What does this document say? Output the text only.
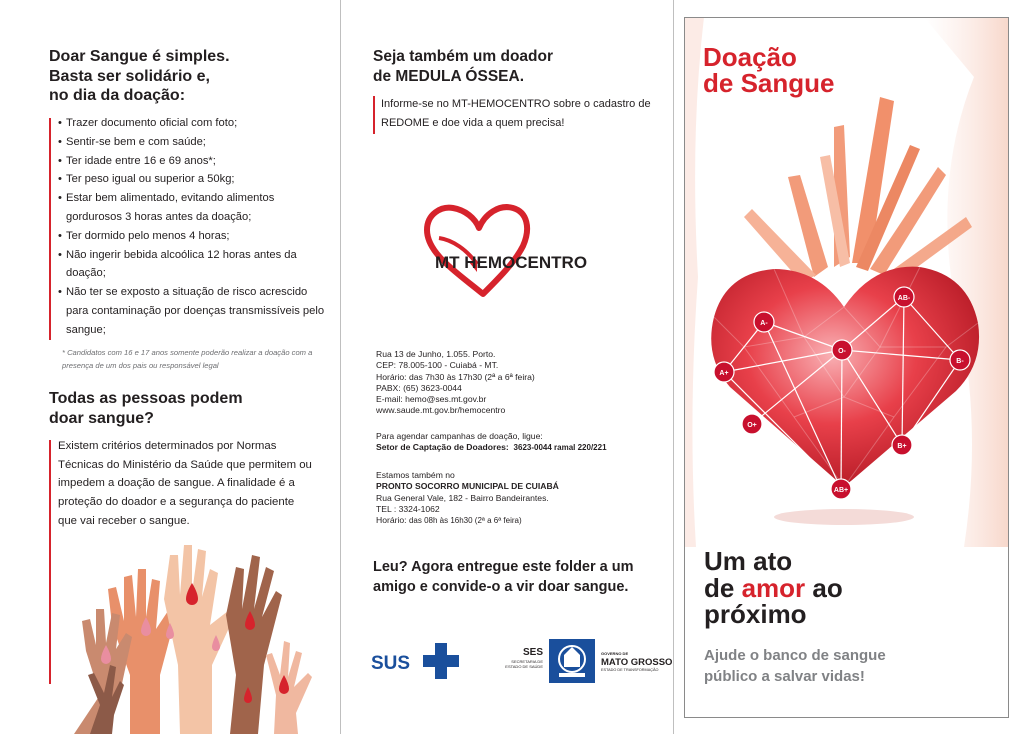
Doar Sangue é simples.
Basta ser solidário e,
no dia da doação:
• Trazer documento oficial com foto;
• Sentir-se bem e com saúde;
• Ter idade entre 16 e 69 anos*;
• Ter peso igual ou superior a 50kg;
• Estar bem alimentado, evitando alimentos gordurosos 3 horas antes da doação;
• Ter dormido pelo menos 4 horas;
• Não ingerir bebida alcoólica 12 horas antes da doação;
• Não ter se exposto a situação de risco acrescido para contaminação por doenças transmissíveis pelo sangue;
* Candidatos com 16 e 17 anos somente poderão realizar a doação com a presença de um dos pais ou responsável legal
Todas as pessoas podem
doar sangue?
Existem critérios determinados por Normas Técnicas do Ministério da Saúde que permitem ou impedem a doação de sangue. A finalidade é a proteção do doador e a segurança do paciente que vai receber o sangue.
Seja também um doador
de MEDULA ÓSSEA.
Informe-se no MT-HEMOCENTRO sobre o cadastro de REDOME e doe vida a quem precisa!
MT HEMOCENTRO
Rua 13 de Junho, 1.055. Porto.
CEP: 78.005-100 - Cuiabá - MT.
Horário: das 7h30 às 17h30 (2ª a 6ª feira)
PABX: (65) 3623-0044
E-mail: hemo@ses.mt.gov.br
www.saude.mt.gov.br/hemocentro
Para agendar campanhas de doação, ligue:
Setor de Captação de Doadores: 3623-0044 ramal 220/221
Estamos também no
PRONTO SOCORRO MUNICIPAL DE CUIABÁ
Rua General Vale, 182 - Bairro Bandeirantes.
TEL : 3324-1062
Horário: das 08h às 16h30 (2ª a 6ª feira)
Leu? Agora entregue este folder a um amigo e convide-o a vir doar sangue.
SUS
SES
SECRETARIA DE
ESTADO DE SAÚDE
GOVERNO DE
MATO GROSSO
ESTADO DE TRANSFORMAÇÃO
AB-
A-
O-
B-
A+
O+
B+
AB+
Doação
de Sangue
Um ato
de amor ao
próximo
Ajude o banco de sangue
público a salvar vidas!
